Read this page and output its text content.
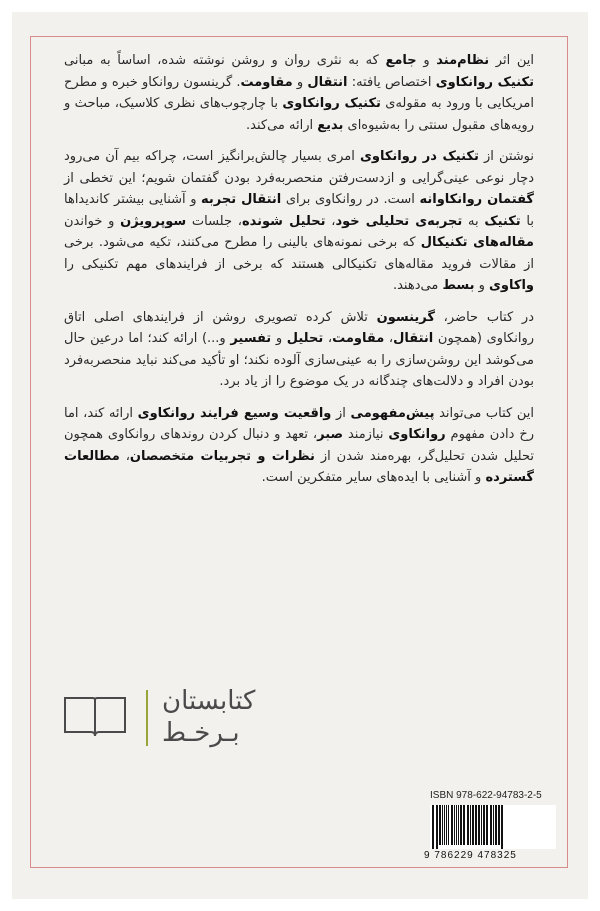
این اثر نظام‌مند و جامع که به نثری روان و روشن نوشته شده، اساساً به مبانی تکنیک روانکاوی اختصاص یافته: انتقال و مقاومت. گرینسون روانکاو خبره و مطرح امریکایی با ورود به مقوله‌ی تکنیک روانکاوی با چارچوب‌های نظری کلاسیک، مباحث و رویه‌های مقبول سنتی را به‌شیوه‌ای بدیع ارائه می‌کند.

نوشتن از تکنیک در روانکاوی امری بسیار چالش‌برانگیز است، چراکه بیم آن می‌رود دچار نوعی عینی‌گرایی و ازدست‌رفتن منحصربه‌فرد بودن گفتمان شویم؛ این تخطی از گفتمان روانکاوانه است. در روانکاوی برای انتقال تجربه و آشنایی بیشتر کاندیداها با تکنیک به تجربه‌ی تحلیلی خود، تحلیل شونده، جلسات سوپرویژن و خواندن مقاله‌های تکنیکال که برخی نمونه‌های بالینی را مطرح می‌کنند، تکیه می‌شود. برخی از مقالات فروید مقاله‌های تکنیکالی هستند که برخی از فرایندهای مهم تکنیکی را واکاوی و بسط می‌دهند.

در کتاب حاضر، گرینسون تلاش کرده تصویری روشن از فرایندهای اصلی اتاق روانکاوی (همچون انتقال، مقاومت، تحلیل و تفسیر و...) ارائه کند؛ اما درعین حال می‌کوشد این روشن‌سازی را به عینی‌سازی آلوده نکند؛ او تأکید می‌کند نباید منحصربه‌فرد بودن افراد و دلالت‌های چندگانه در یک موضوع را از یاد برد.

این کتاب می‌تواند پیش‌مفهومی از واقعیت وسیع فرایند روانکاوی ارائه کند، اما رخ دادن مفهوم روانکاوی نیازمند صبر، تعهد و دنبال کردن روندهای روانکاوی همچون تحلیل شدن تحلیل‌گر، بهره‌مند شدن از نظرات و تجربیات متخصصان، مطالعات گسترده و آشنایی با ایده‌های سایر متفکرین است.

کتابستان
بـرخـط
ISBN 978-622-94783-2-5
9 786229 478325
